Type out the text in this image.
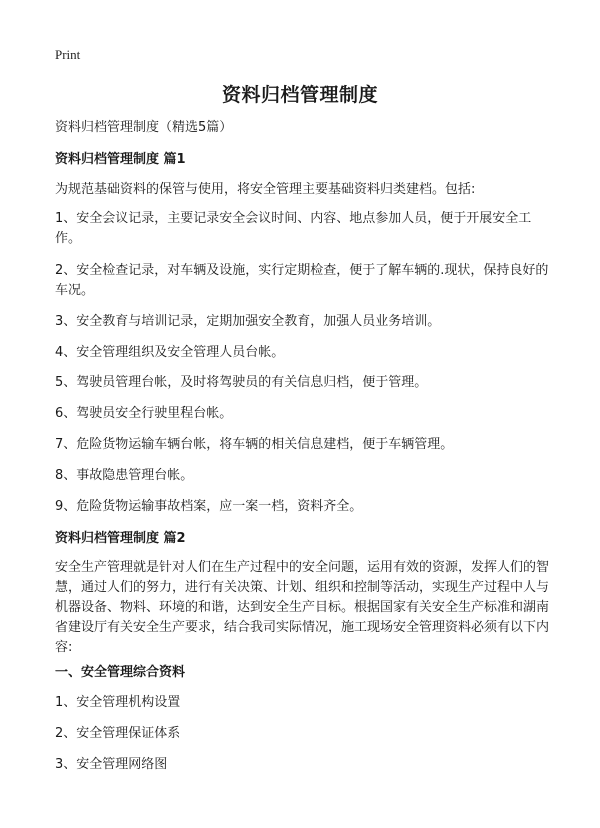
Print
资料归档管理制度

资料归档管理制度（精选5篇）

资料归档管理制度 篇1

为规范基础资料的保管与使用，将安全管理主要基础资料归类建档。包括:

1、安全会议记录，主要记录安全会议时间、内容、地点参加人员，便于开展安全工作。

2、安全检查记录，对车辆及设施，实行定期检查，便于了解车辆的.现状，保持良好的车况。

3、安全教育与培训记录，定期加强安全教育，加强人员业务培训。

4、安全管理组织及安全管理人员台帐。

5、驾驶员管理台帐，及时将驾驶员的有关信息归档，便于管理。

6、驾驶员安全行驶里程台帐。

7、危险货物运输车辆台帐，将车辆的相关信息建档，便于车辆管理。

8、事故隐患管理台帐。

9、危险货物运输事故档案，应一案一档，资料齐全。

资料归档管理制度 篇2

安全生产管理就是针对人们在生产过程中的安全问题，运用有效的资源，发挥人们的智慧，通过人们的努力，进行有关决策、计划、组织和控制等活动，实现生产过程中人与机器设备、物料、环境的和谐，达到安全生产目标。根据国家有关安全生产标准和湖南省建设厅有关安全生产要求，结合我司实际情况，施工现场安全管理资料必须有以下内容:

一、安全管理综合资料

1、安全管理机构设置

2、安全管理保证体系

3、安全管理网络图
